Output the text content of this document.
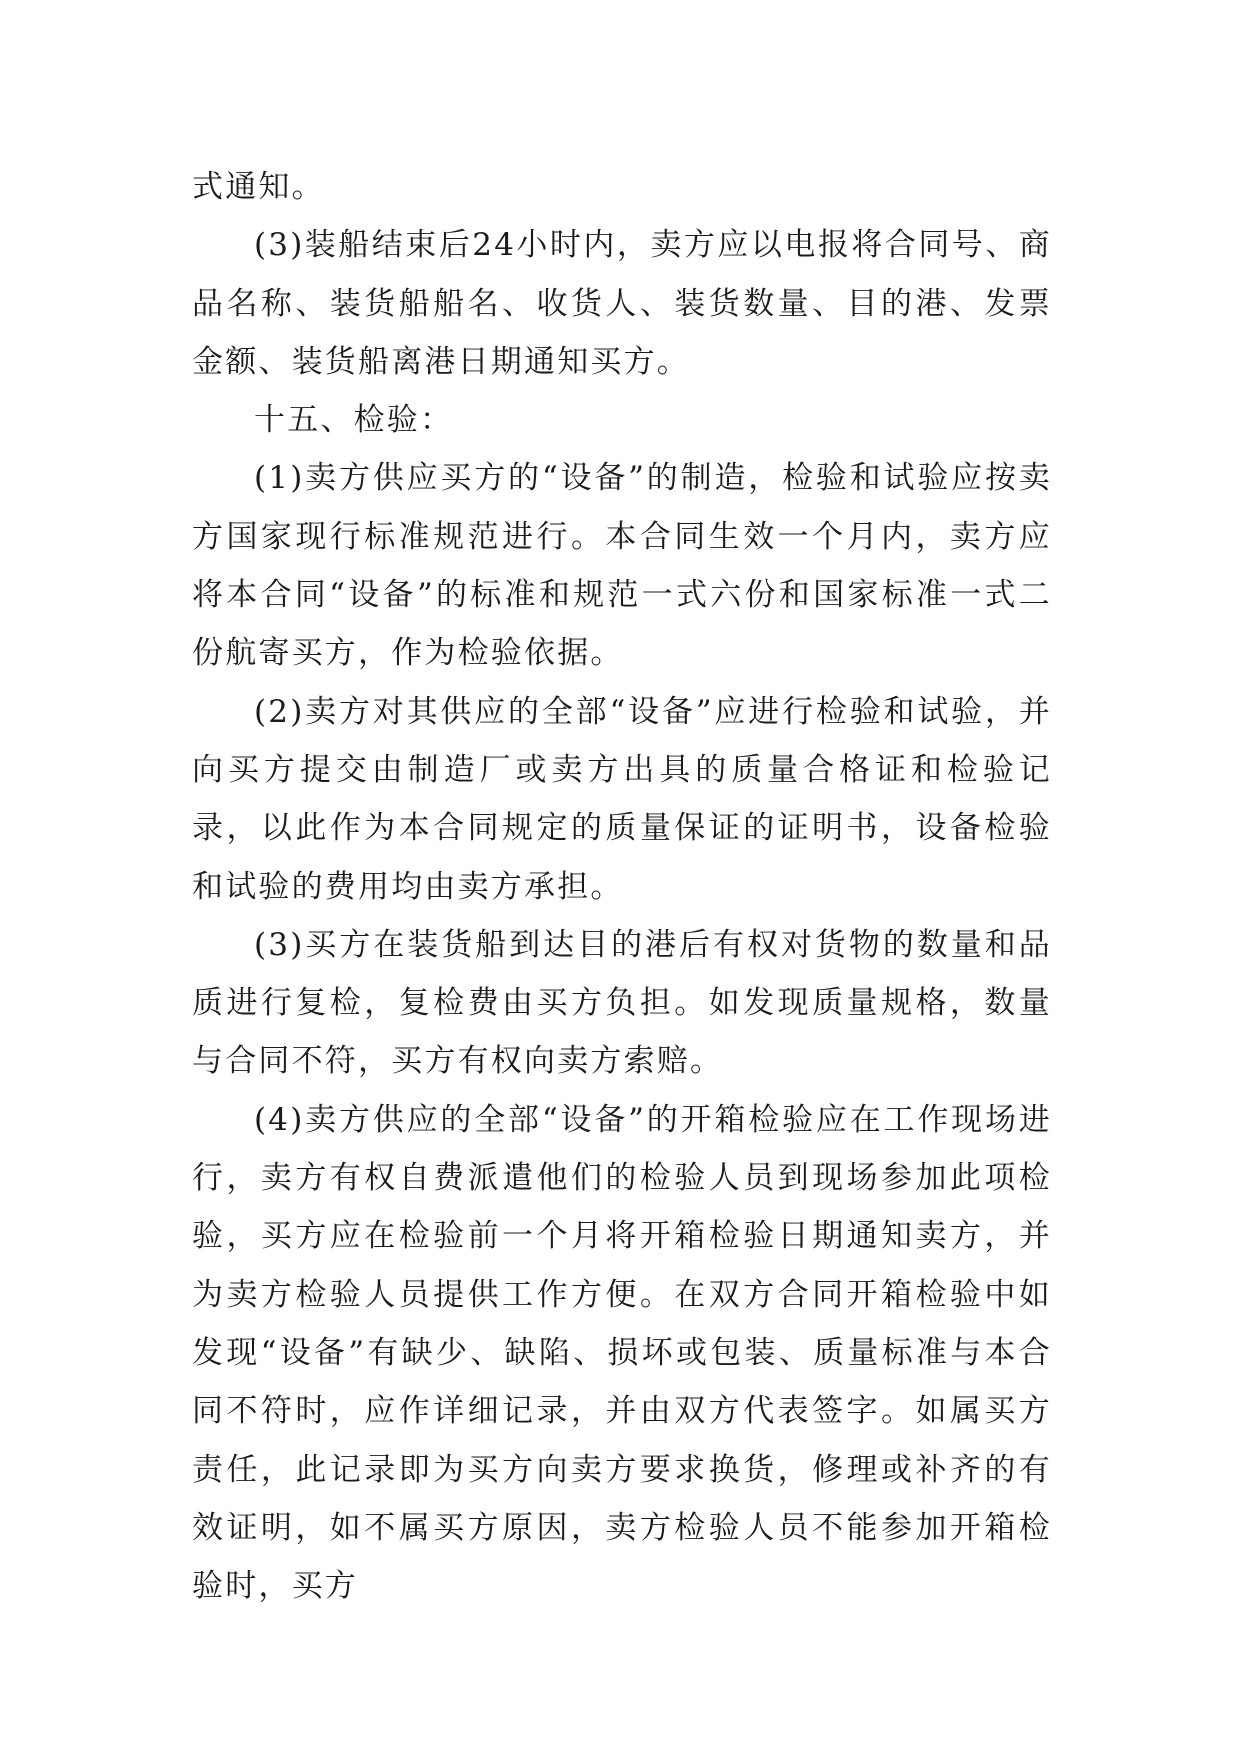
式通知。

(3)装船结束后24小时内，卖方应以电报将合同号、商品名称、装货船船名、收货人、装货数量、目的港、发票金额、装货船离港日期通知买方。

十五、检验：

(1)卖方供应买方的“设备”的制造，检验和试验应按卖方国家现行标准规范进行。本合同生效一个月内，卖方应将本合同“设备”的标准和规范一式六份和国家标准一式二份航寄买方，作为检验依据。

(2)卖方对其供应的全部“设备”应进行检验和试验，并向买方提交由制造厂或卖方出具的质量合格证和检验记录，以此作为本合同规定的质量保证的证明书，设备检验和试验的费用均由卖方承担。

(3)买方在装货船到达目的港后有权对货物的数量和品质进行复检，复检费由买方负担。如发现质量规格，数量与合同不符，买方有权向卖方索赔。

(4)卖方供应的全部“设备”的开箱检验应在工作现场进行，卖方有权自费派遣他们的检验人员到现场参加此项检验，买方应在检验前一个月将开箱检验日期通知卖方，并为卖方检验人员提供工作方便。在双方合同开箱检验中如发现“设备”有缺少、缺陷、损坏或包装、质量标准与本合同不符时，应作详细记录，并由双方代表签字。如属买方责任，此记录即为买方向卖方要求换货，修理或补齐的有效证明，如不属买方原因，卖方检验人员不能参加开箱检验时，买方
